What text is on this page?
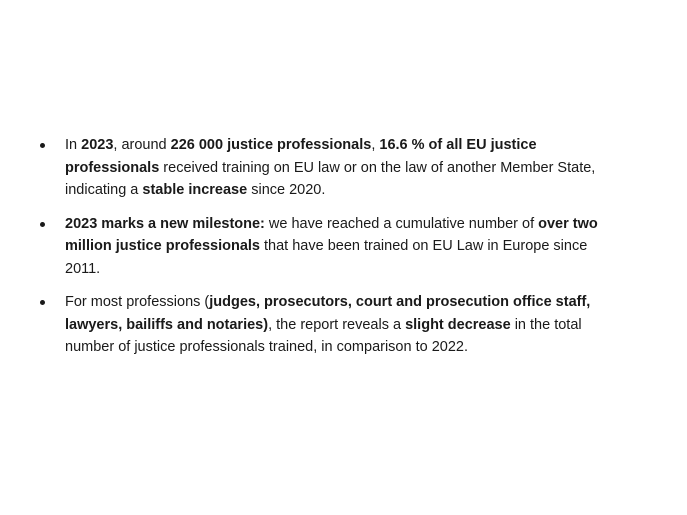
In 2023, around 226 000 justice professionals, 16.6 % of all EU justice professionals received training on EU law or on the law of another Member State, indicating a stable increase since 2020.
2023 marks a new milestone: we have reached a cumulative number of over two million justice professionals that have been trained on EU Law in Europe since 2011.
For most professions (judges, prosecutors, court and prosecution office staff, lawyers, bailiffs and notaries), the report reveals a slight decrease in the total number of justice professionals trained, in comparison to 2022.
